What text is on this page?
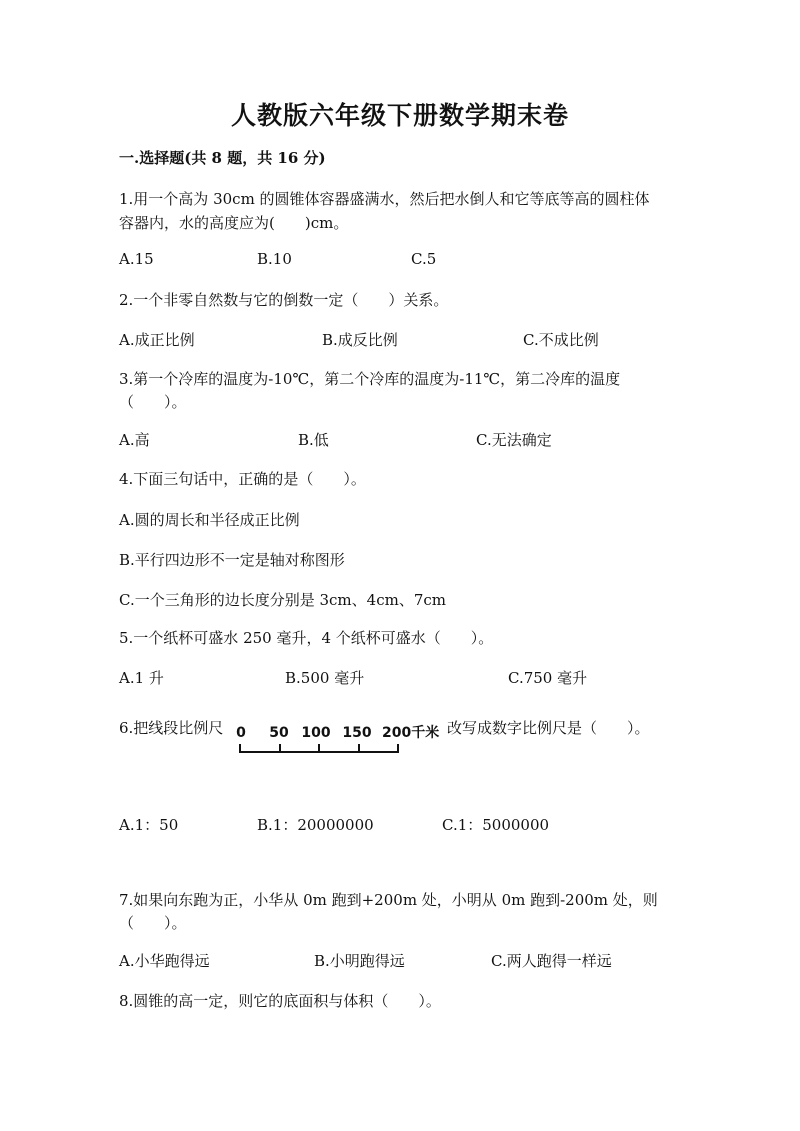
人教版六年级下册数学期末卷
一.选择题(共 8 题，共 16 分)
1.用一个高为 30cm 的圆锥体容器盛满水，然后把水倒人和它等底等高的圆柱体
容器内，水的高度应为(　　)cm。
A.15	B.10	C.5
2.一个非零自然数与它的倒数一定（　　）关系。
A.成正比例	B.成反比例	C.不成比例
3.第一个冷库的温度为-10℃，第二个冷库的温度为-11℃，第二冷库的温度
（　　）。
A.高	B.低	C.无法确定
4.下面三句话中，正确的是（　　）。
A.圆的周长和半径成正比例
B.平行四边形不一定是轴对称图形
C.一个三角形的边长度分别是 3cm、4cm、7cm
5.一个纸杯可盛水 250 毫升，4 个纸杯可盛水（　　）。
A.1 升	B.500 毫升	C.750 毫升
6.把线段比例尺 0 50 100 150 200千米 改写成数字比例尺是（　　）。
A.1：50	B.1：20000000	C.1：5000000
7.如果向东跑为正，小华从 0m 跑到+200m 处，小明从 0m 跑到-200m 处，则
（　　）。
A.小华跑得远	B.小明跑得远	C.两人跑得一样远
8.圆锥的高一定，则它的底面积与体积（　　）。
